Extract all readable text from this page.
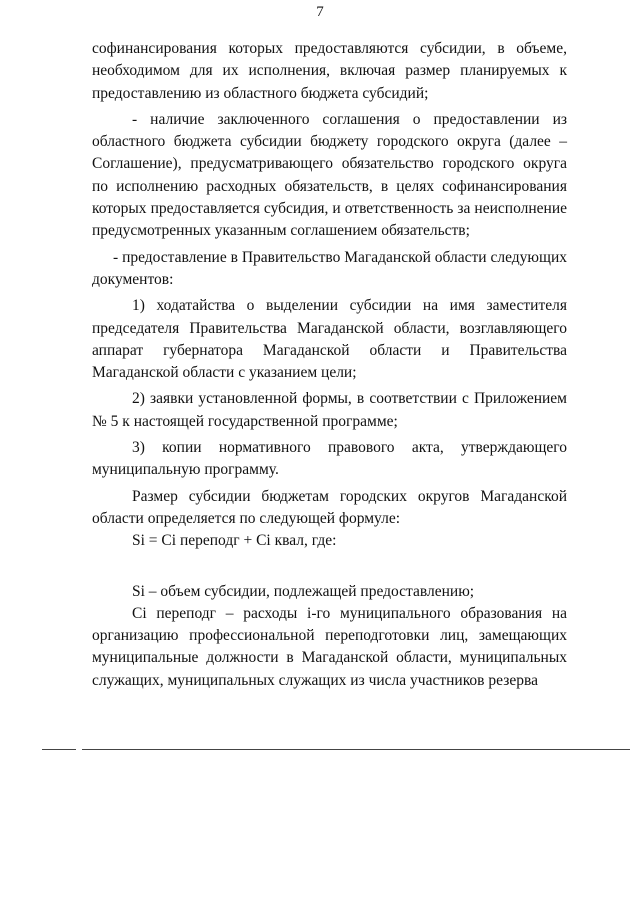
7

софинансирования которых предоставляются субсидии, в объеме, необходимом для их исполнения, включая размер планируемых к предоставлению из областного бюджета субсидий;

- наличие заключенного соглашения о предоставлении из областного бюджета субсидии бюджету городского округа (далее – Соглашение), предусматривающего обязательство городского округа по исполнению расходных обязательств, в целях софинансирования которых предоставляется субсидия, и ответственность за неисполнение предусмотренных указанным соглашением обязательств;

- предоставление в Правительство Магаданской области следующих документов:

1) ходатайства о выделении субсидии на имя заместителя председателя Правительства Магаданской области, возглавляющего аппарат губернатора Магаданской области и Правительства Магаданской области с указанием цели;

2) заявки установленной формы, в соответствии с Приложением № 5 к настоящей государственной программе;

3) копии нормативного правового акта, утверждающего муниципальную программу.

Размер субсидии бюджетам городских округов Магаданской области определяется по следующей формуле:

Si = Ci переподг + Ci квал, где:

Si – объем субсидии, подлежащей предоставлению;

Ci переподг – расходы i-го муниципального образования на организацию профессиональной переподготовки лиц, замещающих муниципальные должности в Магаданской области, муниципальных служащих, муниципальных служащих из числа участников резерва
